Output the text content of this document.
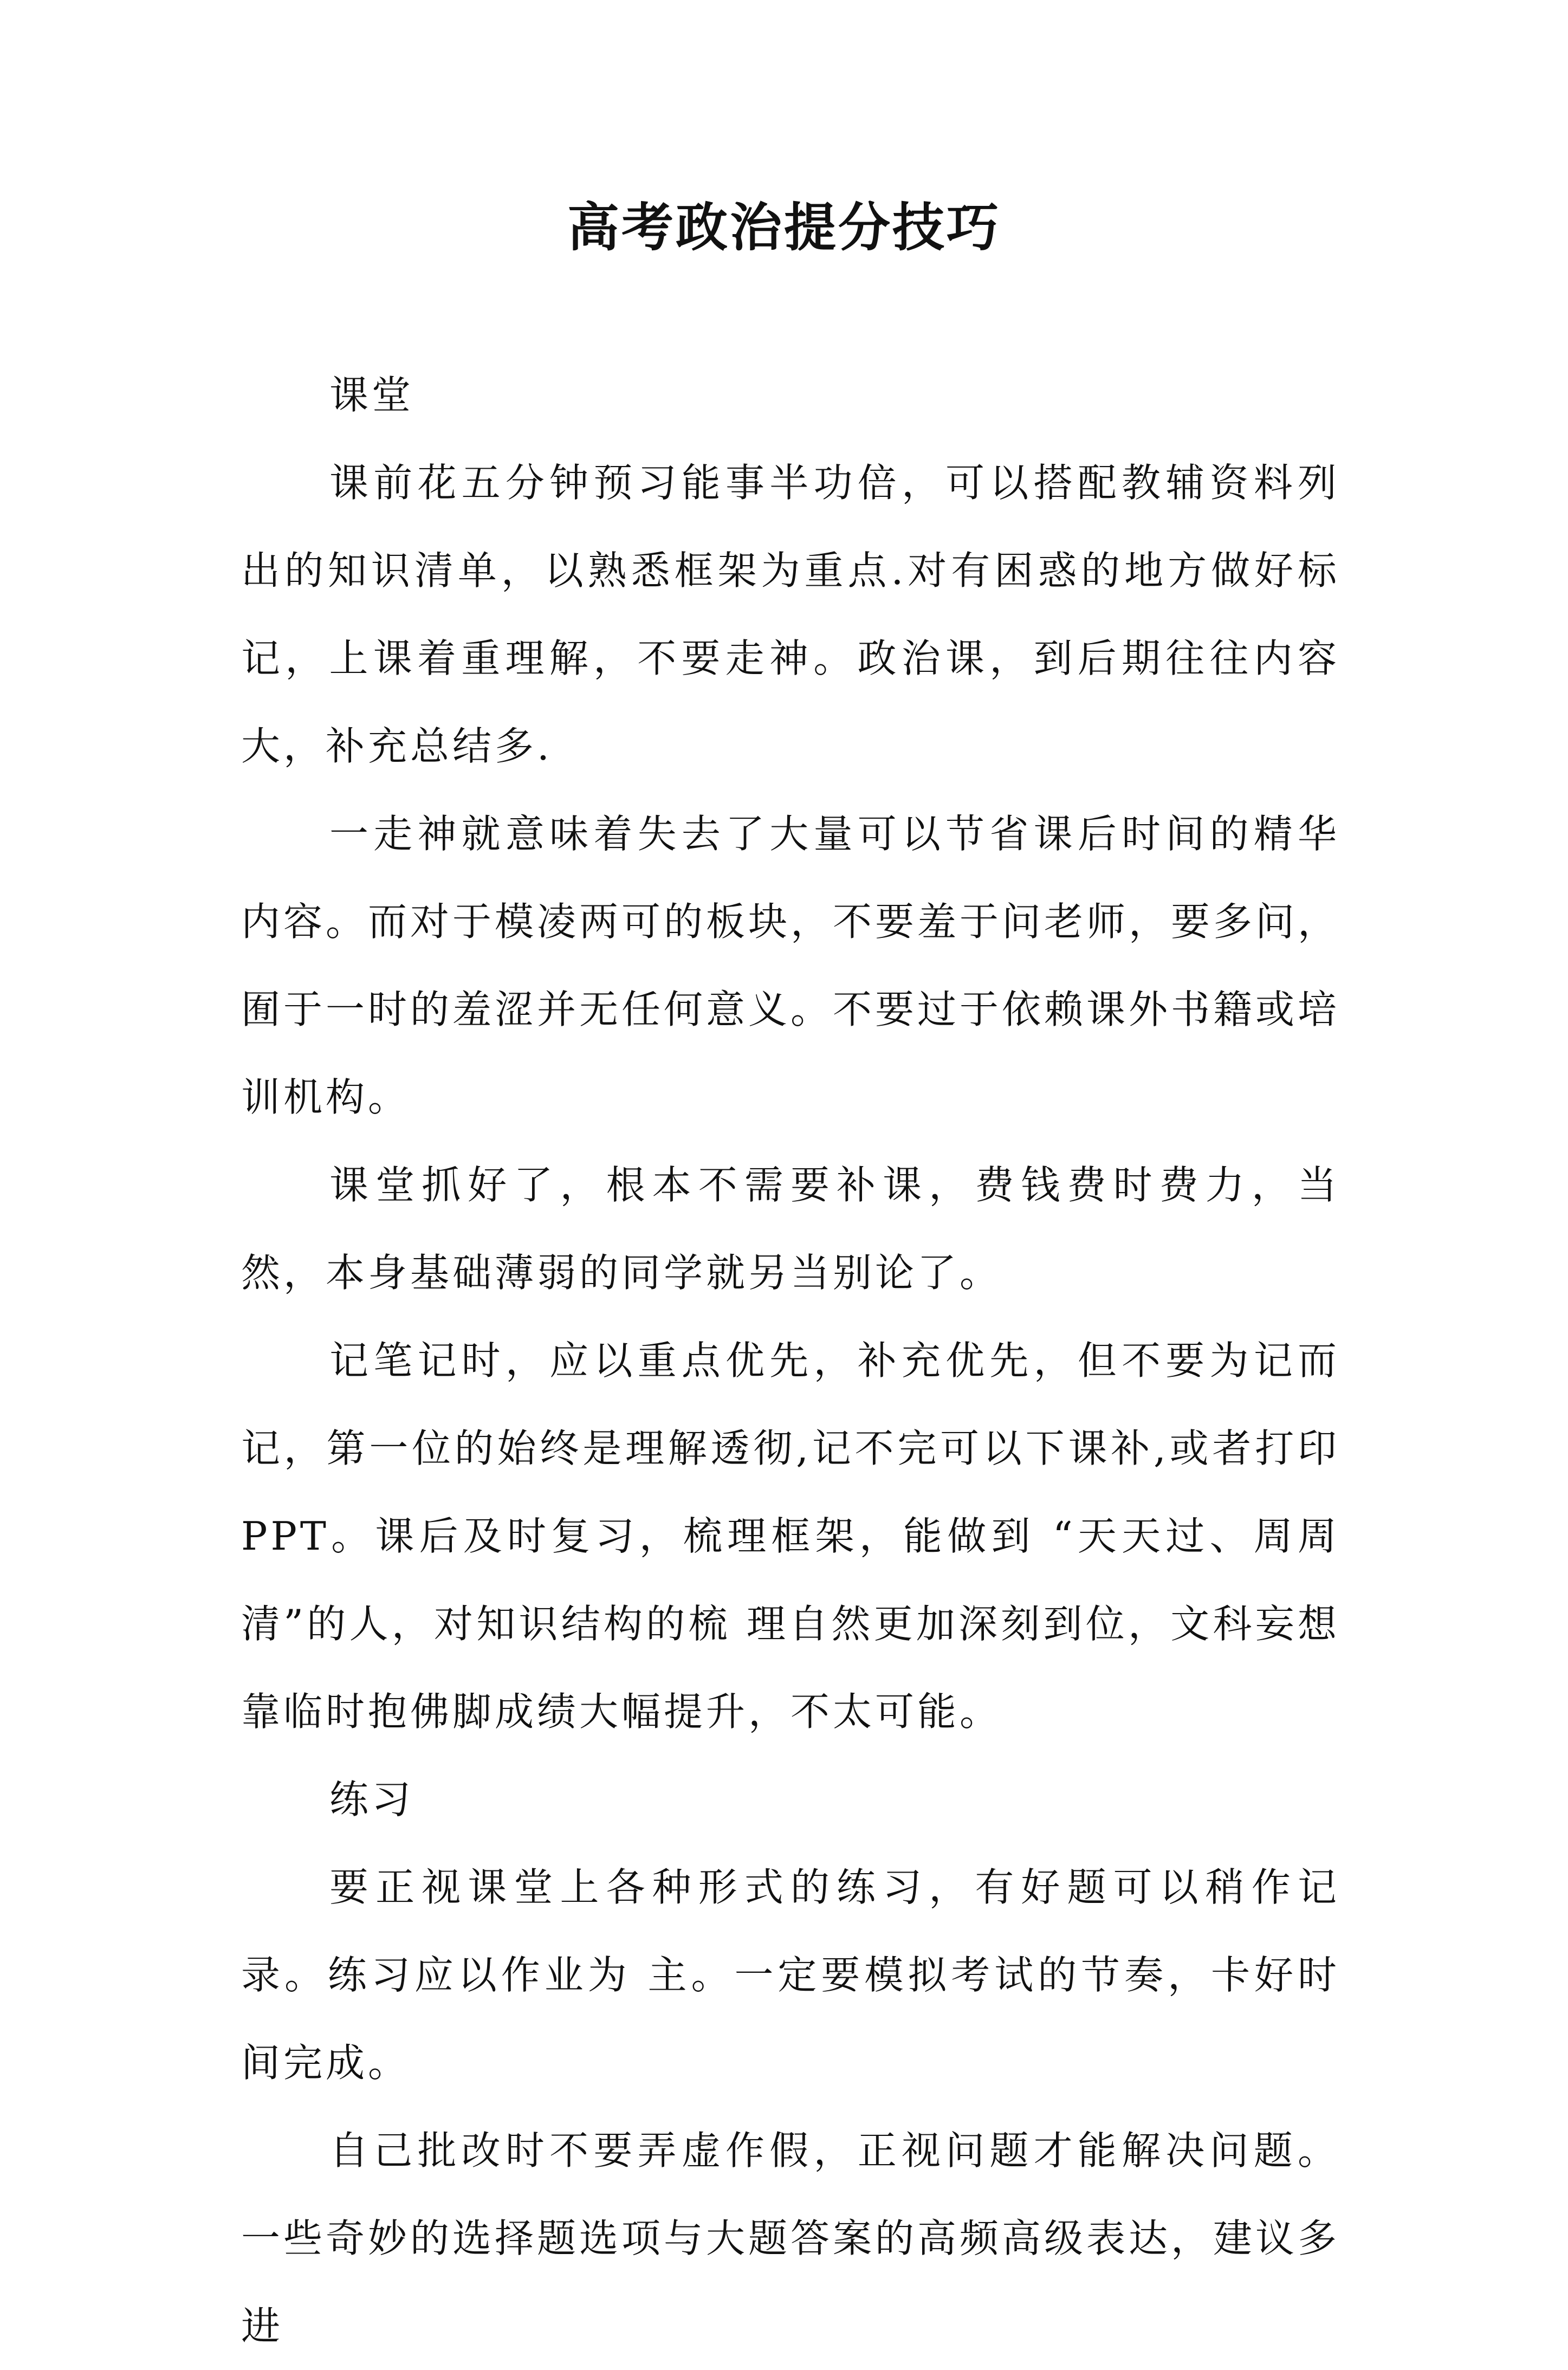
高考政治提分技巧

课堂

课前花五分钟预习能事半功倍，可以搭配教辅资料列出的知识清单，以熟悉框架为重点.对有困惑的地方做好标记，上课着重理解，不要走神。政治课，到后期往往内容大，补充总结多.

一走神就意味着失去了大量可以节省课后时间的精华内容。而对于模凌两可的板块，不要羞于问老师，要多问，囿于一时的羞涩并无任何意义。不要过于依赖课外书籍或培训机构。

课堂抓好了，根本不需要补课，费钱费时费力，当然，本身基础薄弱的同学就另当别论了。

记笔记时，应以重点优先，补充优先，但不要为记而记，第一位的始终是理解透彻,记不完可以下课补,或者打印PPT。课后及时复习，梳理框架，能做到 “天天过、周周清”的人，对知识结构的梳 理自然更加深刻到位，文科妄想靠临时抱佛脚成绩大幅提升，不太可能。

练习

要正视课堂上各种形式的练习，有好题可以稍作记录。练习应以作业为 主。一定要模拟考试的节奏，卡好时间完成。

自己批改时不要弄虚作假，正视问题才能解决问题。一些奇妙的选择题选项与大题答案的高频高级表达，建议多进
